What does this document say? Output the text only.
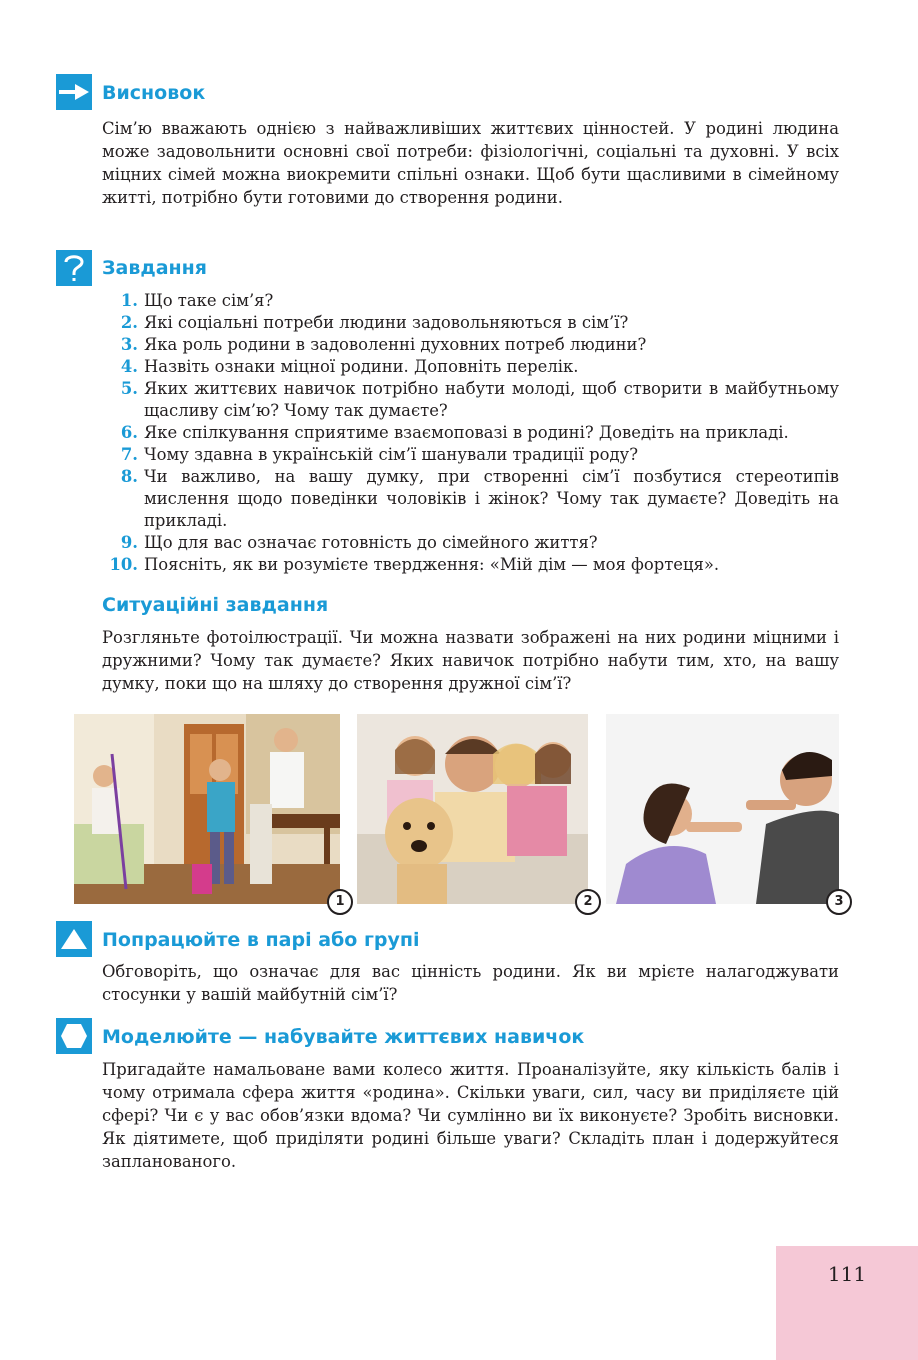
Висновок

Сім’ю вважають однією з найважливіших життєвих цінностей. У родині людина може задовольнити основні свої потреби: фізіологічні, соціальні та духовні. У всіх міцних сімей можна виокремити спільні ознаки. Щоб бути щасливими в сімейному житті, потрібно бути готовими до створення родини.

Завдання
1. Що таке сім’я?
2. Які соціальні потреби людини задовольняються в сім’ї?
3. Яка роль родини в задоволенні духовних потреб людини?
4. Назвіть ознаки міцної родини. Доповніть перелік.
5. Яких життєвих навичок потрібно набути молоді, щоб створити в майбутньому щасливу сім’ю? Чому так думаєте?
6. Яке спілкування сприятиме взаємоповазі в родині? Доведіть на прикладі.
7. Чому здавна в українській сім’ї шанували традиції роду?
8. Чи важливо, на вашу думку, при створенні сім’ї позбутися стереотипів мислення щодо поведінки чоловіків і жінок? Чому так думаєте? Доведіть на прикладі.
9. Що для вас означає готовність до сімейного життя?
10. Поясніть, як ви розумієте твердження: «Мій дім — моя фортеця».
Ситуаційні завдання

Розгляньте фотоілюстрації. Чи можна назвати зображені на них родини міцними і дружними? Чому так думаєте? Яких навичок потрібно набути тим, хто, на вашу думку, поки що на шляху до створення дружної сім’ї?

1	2	3
Попрацюйте в парі або групі

Обговоріть, що означає для вас цінність родини. Як ви мрієте налагоджувати стосунки у вашій майбутній сім’ї?

Моделюйте — набувайте життєвих навичок

Пригадайте намальоване вами колесо життя. Проаналізуйте, яку кількість балів і чому отримала сфера життя «родина». Скільки уваги, сил, часу ви приділяєте цій сфері? Чи є у вас обов’язки вдома? Чи сумлінно ви їх виконуєте? Зробіть висновки. Як діятимете, щоб приділяти родині більше уваги? Складіть план і додержуйтеся запланованого.

111
